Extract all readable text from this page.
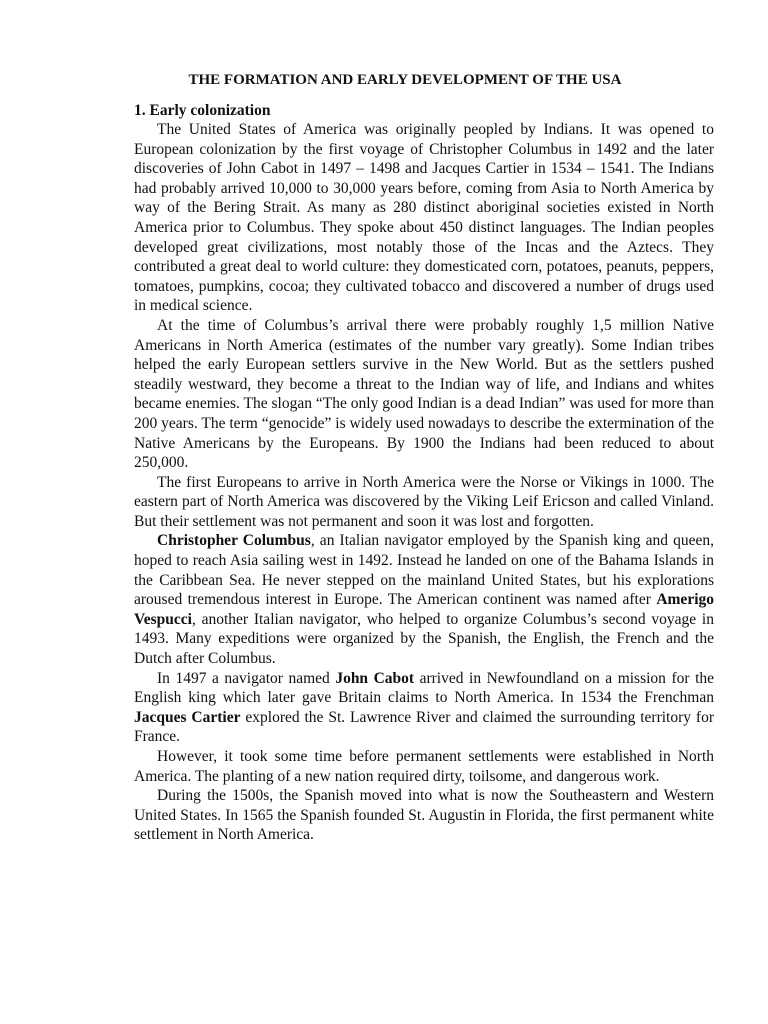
THE FORMATION AND EARLY DEVELOPMENT OF THE USA
1. Early colonization

The United States of America was originally peopled by Indians. It was opened to European colonization by the first voyage of Christopher Columbus in 1492 and the later discoveries of John Cabot in 1497 – 1498 and Jacques Cartier in 1534 – 1541. The Indians had probably arrived 10,000 to 30,000 years before, coming from Asia to North America by way of the Bering Strait. As many as 280 distinct aboriginal societies existed in North America prior to Columbus. They spoke about 450 distinct languages. The Indian peoples developed great civilizations, most notably those of the Incas and the Aztecs. They contributed a great deal to world culture: they domesticated corn, potatoes, peanuts, peppers, tomatoes, pumpkins, cocoa; they cultivated tobacco and discovered a number of drugs used in medical science.

At the time of Columbus’s arrival there were probably roughly 1,5 million Native Americans in North America (estimates of the number vary greatly). Some Indian tribes helped the early European settlers survive in the New World. But as the settlers pushed steadily westward, they become a threat to the Indian way of life, and Indians and whites became enemies. The slogan “The only good Indian is a dead Indian” was used for more than 200 years. The term “genocide” is widely used nowadays to describe the extermination of the Native Americans by the Europeans. By 1900 the Indians had been reduced to about 250,000.

The first Europeans to arrive in North America were the Norse or Vikings in 1000. The eastern part of North America was discovered by the Viking Leif Ericson and called Vinland. But their settlement was not permanent and soon it was lost and forgotten.

Christopher Columbus, an Italian navigator employed by the Spanish king and queen, hoped to reach Asia sailing west in 1492. Instead he landed on one of the Bahama Islands in the Caribbean Sea. He never stepped on the mainland United States, but his explorations aroused tremendous interest in Europe. The American continent was named after Amerigo Vespucci, another Italian navigator, who helped to organize Columbus’s second voyage in 1493. Many expeditions were organized by the Spanish, the English, the French and the Dutch after Columbus.

In 1497 a navigator named John Cabot arrived in Newfoundland on a mission for the English king which later gave Britain claims to North America. In 1534 the Frenchman Jacques Cartier explored the St. Lawrence River and claimed the surrounding territory for France.

However, it took some time before permanent settlements were established in North America. The planting of a new nation required dirty, toilsome, and dangerous work.

During the 1500s, the Spanish moved into what is now the Southeastern and Western United States. In 1565 the Spanish founded St. Augustin in Florida, the first permanent white settlement in North America.
